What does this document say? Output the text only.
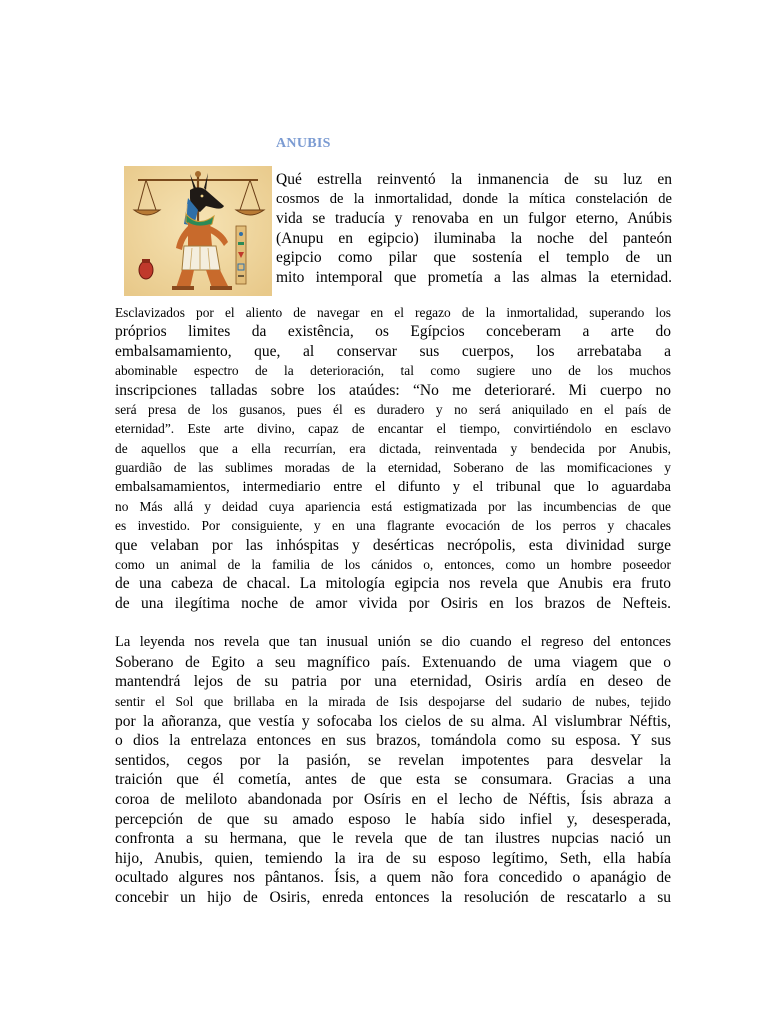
ANUBIS
Qué estrella reinventó la inmanencia de su luz en
cosmos de la inmortalidad, donde la mítica constelación de
vida se traducía y renovaba en un fulgor eterno, Anúbis
(Anupu en egipcio) iluminaba la noche del panteón
egipcio como pilar que sostenía el templo de un
mito intemporal que prometía a las almas la eternidad.
Esclavizados por el aliento de navegar en el regazo de la inmortalidad, superando los
próprios limites da existência, os Egípcios conceberam a arte do
embalsamamiento, que, al conservar sus cuerpos, los arrebataba a
abominable espectro de la deterioración, tal como sugiere uno de los muchos
inscripciones talladas sobre los ataúdes: “No me deterioraré. Mi cuerpo no
será presa de los gusanos, pues él es duradero y no será aniquilado en el país de
eternidad”. Este arte divino, capaz de encantar el tiempo, convirtiéndolo en esclavo
de aquellos que a ella recurrían, era dictada, reinventada y bendecida por Anubis,
guardião de las sublimes moradas de la eternidad, Soberano de las momificaciones y
embalsamamientos, intermediario entre el difunto y el tribunal que lo aguardaba
no Más allá y deidad cuya apariencia está estigmatizada por las incumbencias de que
es investido. Por consiguiente, y en una flagrante evocación de los perros y chacales
que velaban por las inhóspitas y desérticas necrópolis, esta divinidad surge
como un animal de la familia de los cánidos o, entonces, como un hombre poseedor
de una cabeza de chacal. La mitología egipcia nos revela que Anubis era fruto
de una ilegítima noche de amor vivida por Osiris en los brazos de Nefteis.
La leyenda nos revela que tan inusual unión se dio cuando el regreso del entonces
Soberano de Egito a seu magnífico país. Extenuando de uma viagem que o
mantendrá lejos de su patria por una eternidad, Osiris ardía en deseo de
sentir el Sol que brillaba en la mirada de Isis despojarse del sudario de nubes, tejido
por la añoranza, que vestía y sofocaba los cielos de su alma. Al vislumbrar Néftis,
o dios la entrelaza entonces en sus brazos, tomándola como su esposa. Y sus
sentidos, cegos por la pasión, se revelan impotentes para desvelar la
traición que él cometía, antes de que esta se consumara. Gracias a una
coroa de meliloto abandonada por Osíris en el lecho de Néftis, Ísis abraza a
percepción de que su amado esposo le había sido infiel y, desesperada,
confronta a su hermana, que le revela que de tan ilustres nupcias nació un
hijo, Anubis, quien, temiendo la ira de su esposo legítimo, Seth, ella había
ocultado algures nos pântanos. Ísis, a quem não fora concedido o apanágio de
concebir un hijo de Osiris, enreda entonces la resolución de rescatarlo a su
